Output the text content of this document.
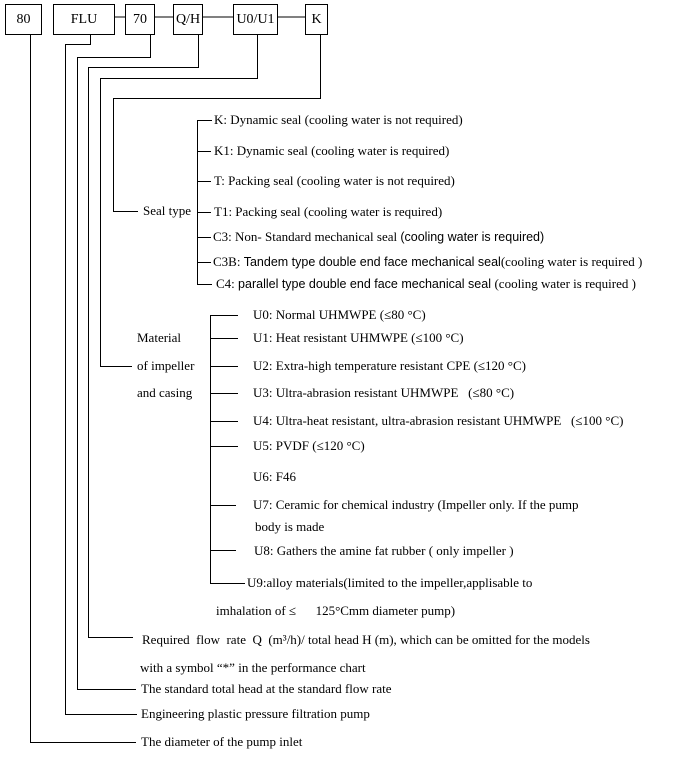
80	FLU	70	Q/H	U0/U1	K
Seal type
K: Dynamic seal (cooling water is not required)
K1: Dynamic seal (cooling water is required)
T: Packing seal (cooling water is not required)
T1: Packing seal (cooling water is required)
C3: Non- Standard mechanical seal (cooling water is required)
C3B: Tandem type double end face mechanical seal(cooling water is required )
C4: parallel type double end face mechanical seal (cooling water is required )
Material
of impeller
and casing
U0: Normal UHMWPE (≤80 °C)
U1: Heat resistant UHMWPE (≤100 °C)
U2: Extra-high temperature resistant CPE (≤120 °C)
U3: Ultra-abrasion resistant UHMWPE   (≤80 °C)
U4: Ultra-heat resistant, ultra-abrasion resistant UHMWPE   (≤100 °C)
U5: PVDF (≤120 °C)
U6: F46
U7: Ceramic for chemical industry (Impeller only. If the pump
body is made
U8: Gathers the amine fat rubber ( only impeller )
U9:alloy materials(limited to the impeller,applisable to
imhalation of ≤      125°Cmm diameter pump)
Required  flow  rate  Q  (m³/h)/ total head H (m), which can be omitted for the models
with a symbol “*” in the performance chart
The standard total head at the standard flow rate
Engineering plastic pressure filtration pump
The diameter of the pump inlet
